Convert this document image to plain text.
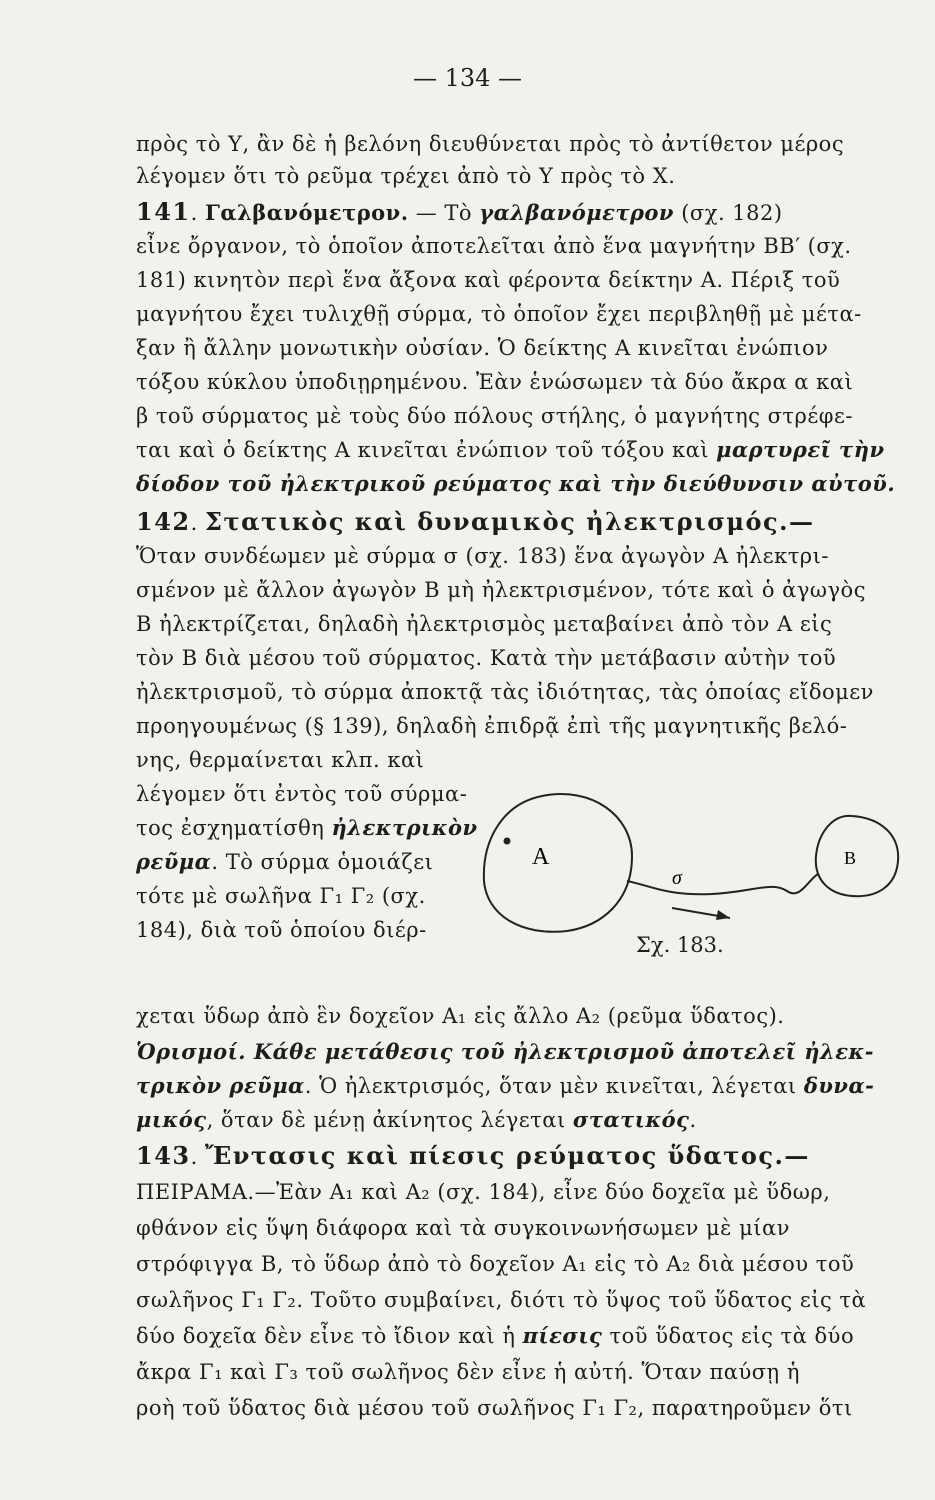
— 134 —
πρὸς τὸ Υ, ἂν δὲ ἡ βελόνη διευθύνεται πρὸς τὸ ἀντίθετον μέρος
λέγομεν ὅτι τὸ ρεῦμα τρέχει ἀπὸ τὸ Υ πρὸς τὸ Χ.
141. Γαλβανόμετρον. — Τὸ γαλβανόμετρον (σχ. 182)
εἶνε ὄργανον, τὸ ὁποῖον ἀποτελεῖται ἀπὸ ἕνα μαγνήτην ΒΒ′ (σχ.
181) κινητὸν περὶ ἕνα ἄξονα καὶ φέροντα δείκτην Α. Πέριξ τοῦ
μαγνήτου ἔχει τυλιχθῇ σύρμα, τὸ ὁποῖον ἔχει περιβληθῇ μὲ μέτα-
ξαν ἢ ἄλλην μονωτικὴν οὐσίαν. Ὁ δείκτης Α κινεῖται ἐνώπιον
τόξου κύκλου ὑποδιῃρημένου. Ἐὰν ἑνώσωμεν τὰ δύο ἄκρα α καὶ
β τοῦ σύρματος μὲ τοὺς δύο πόλους στήλης, ὁ μαγνήτης στρέφε-
ται καὶ ὁ δείκτης Α κινεῖται ἐνώπιον τοῦ τόξου καὶ μαρτυρεῖ τὴν
δίοδον τοῦ ἠλεκτρικοῦ ρεύματος καὶ τὴν διεύθυνσιν αὐτοῦ.
142. Στατικὸς καὶ δυναμικὸς ἠλεκτρισμός.—
Ὅταν συνδέωμεν μὲ σύρμα σ (σχ. 183) ἕνα ἀγωγὸν Α ἠλεκτρι-
σμένον μὲ ἄλλον ἀγωγὸν Β μὴ ἠλεκτρισμένον, τότε καὶ ὁ ἀγωγὸς
Β ἠλεκτρίζεται, δηλαδὴ ἠλεκτρισμὸς μεταβαίνει ἀπὸ τὸν Α εἰς
τὸν Β διὰ μέσου τοῦ σύρματος. Κατὰ τὴν μετάβασιν αὐτὴν τοῦ
ἠλεκτρισμοῦ, τὸ σύρμα ἀποκτᾷ τὰς ἰδιότητας, τὰς ὁποίας εἴδομεν
προηγουμένως (§ 139), δηλαδὴ ἐπιδρᾷ ἐπὶ τῆς μαγνητικῆς βελό-
νης, θερμαίνεται κλπ. καὶ
λέγομεν ὅτι ἐντὸς τοῦ σύρμα-
τος ἐσχηματίσθη ἠλεκτρικὸν
ρεῦμα. Τὸ σύρμα ὁμοιάζει
τότε μὲ σωλῆνα Γ₁ Γ₂ (σχ.
184), διὰ τοῦ ὁποίου διέρ-
Α	Β
σ
Σχ. 183.
χεται ὕδωρ ἀπὸ ἓν δοχεῖον Α₁ εἰς ἄλλο Α₂ (ρεῦμα ὕδατος).
Ὁρισμοί. Κάθε μετάθεσις τοῦ ἠλεκτρισμοῦ ἀποτελεῖ ἠλεκ-
τρικὸν ρεῦμα. Ὁ ἠλεκτρισμός, ὅταν μὲν κινεῖται, λέγεται δυνα-
μικός, ὅταν δὲ μένῃ ἀκίνητος λέγεται στατικός.
143. Ἔντασις καὶ πίεσις ρεύματος ὕδατος.—
ΠΕΙΡΑΜΑ.—Ἐὰν Α₁ καὶ Α₂ (σχ. 184), εἶνε δύο δοχεῖα μὲ ὕδωρ,
φθάνον εἰς ὕψη διάφορα καὶ τὰ συγκοινωνήσωμεν μὲ μίαν
στρόφιγγα Β, τὸ ὕδωρ ἀπὸ τὸ δοχεῖον Α₁ εἰς τὸ Α₂ διὰ μέσου τοῦ
σωλῆνος Γ₁ Γ₂. Τοῦτο συμβαίνει, διότι τὸ ὕψος τοῦ ὕδατος εἰς τὰ
δύο δοχεῖα δὲν εἶνε τὸ ἴδιον καὶ ἡ πίεσις τοῦ ὕδατος εἰς τὰ δύο
ἄκρα Γ₁ καὶ Γ₃ τοῦ σωλῆνος δὲν εἶνε ἡ αὐτή. Ὅταν παύσῃ ἡ
ροὴ τοῦ ὕδατος διὰ μέσου τοῦ σωλῆνος Γ₁ Γ₂, παρατηροῦμεν ὅτι
